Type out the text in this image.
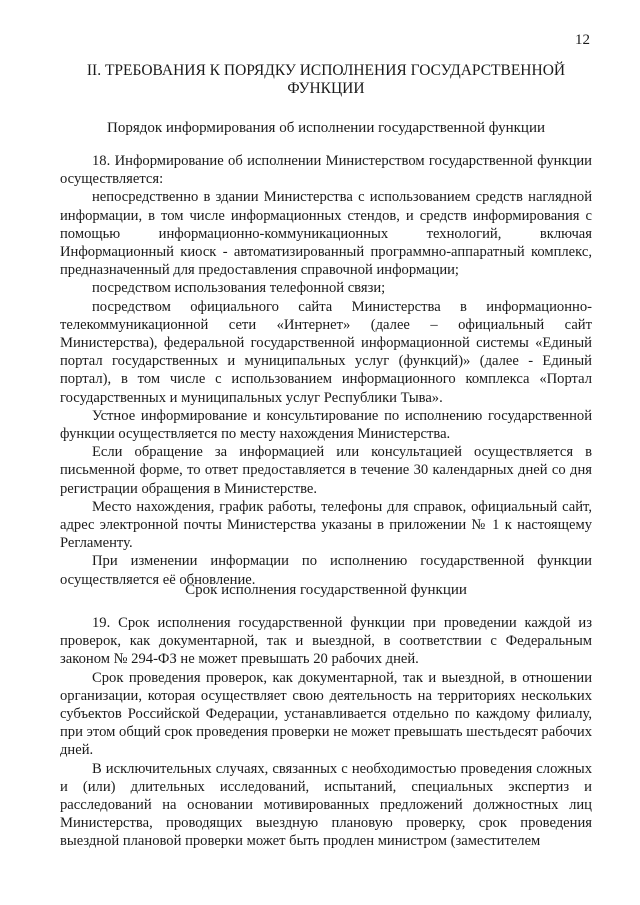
12
II. ТРЕБОВАНИЯ К ПОРЯДКУ ИСПОЛНЕНИЯ ГОСУДАРСТВЕННОЙ ФУНКЦИИ
Порядок информирования об исполнении государственной функции

18. Информирование об исполнении Министерством государственной функции осуществляется:

непосредственно в здании Министерства с использованием средств наглядной информации, в том числе информационных стендов, и средств информирования с помощью информационно-коммуникационных технологий, включая Информационный киоск - автоматизированный программно-аппаратный комплекс, предназначенный для предоставления справочной информации;

посредством использования телефонной связи;

посредством официального сайта Министерства в информационно-телекоммуникационной сети «Интернет» (далее – официальный сайт Министерства), федеральной государственной информационной системы «Единый портал государственных и муниципальных услуг (функций)» (далее - Единый портал), в том числе с использованием информационного комплекса «Портал государственных и муниципальных услуг Республики Тыва».

Устное информирование и консультирование по исполнению государственной функции осуществляется по месту нахождения Министерства.

Если обращение за информацией или консультацией осуществляется в письменной форме, то ответ предоставляется в течение 30 календарных дней со дня регистрации обращения в Министерстве.

Место нахождения, график работы, телефоны для справок, официальный сайт, адрес электронной почты Министерства указаны в приложении № 1 к настоящему Регламенту.

При изменении информации по исполнению государственной функции осуществляется её обновление.

Срок исполнения государственной функции

19. Срок исполнения государственной функции при проведении каждой из проверок, как документарной, так и выездной, в соответствии с Федеральным законом № 294-ФЗ не может превышать 20 рабочих дней.

Срок проведения проверок, как документарной, так и выездной, в отношении организации, которая осуществляет свою деятельность на территориях нескольких субъектов Российской Федерации, устанавливается отдельно по каждому филиалу, при этом общий срок проведения проверки не может превышать шестьдесят рабочих дней.

В исключительных случаях, связанных с необходимостью проведения сложных и (или) длительных исследований, испытаний, специальных экспертиз и расследований на основании мотивированных предложений должностных лиц Министерства, проводящих выездную плановую проверку, срок проведения выездной плановой проверки может быть продлен министром (заместителем
